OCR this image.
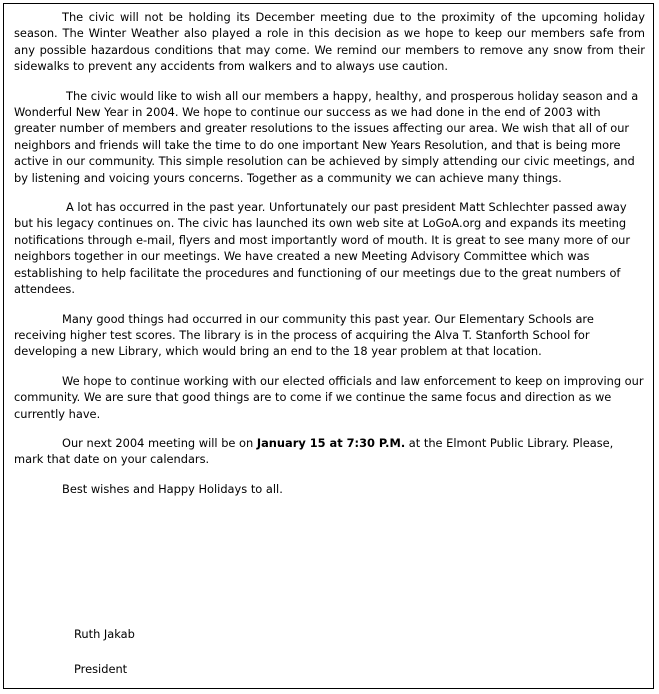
The civic will not be holding its December meeting due to the proximity of the upcoming holiday season. The Winter Weather also played a role in this decision as we hope to keep our members safe from any possible hazardous conditions that may come. We remind our members to remove any snow from their sidewalks to prevent any accidents from walkers and to always use caution.

The civic would like to wish all our members a happy, healthy, and prosperous holiday season and a Wonderful New Year in 2004. We hope to continue our success as we had done in the end of 2003 with greater number of members and greater resolutions to the issues affecting our area. We wish that all of our neighbors and friends will take the time to do one important New Years Resolution, and that is being more active in our community. This simple resolution can be achieved by simply attending our civic meetings, and by listening and voicing yours concerns. Together as a community we can achieve many things.

A lot has occurred in the past year. Unfortunately our past president Matt Schlechter passed away but his legacy continues on. The civic has launched its own web site at LoGoA.org and expands its meeting notifications through e-mail, flyers and most importantly word of mouth. It is great to see many more of our neighbors together in our meetings. We have created a new Meeting Advisory Committee which was establishing to help facilitate the procedures and functioning of our meetings due to the great numbers of attendees.

Many good things had occurred in our community this past year. Our Elementary Schools are receiving higher test scores. The library is in the process of acquiring the Alva T. Stanforth School for developing a new Library, which would bring an end to the 18 year problem at that location.

We hope to continue working with our elected officials and law enforcement to keep on improving our community. We are sure that good things are to come if we continue the same focus and direction as we currently have.

Our next 2004 meeting will be on January 15 at 7:30 P.M. at the Elmont Public Library. Please, mark that date on your calendars.

Best wishes and Happy Holidays to all.

Ruth Jakab
President
